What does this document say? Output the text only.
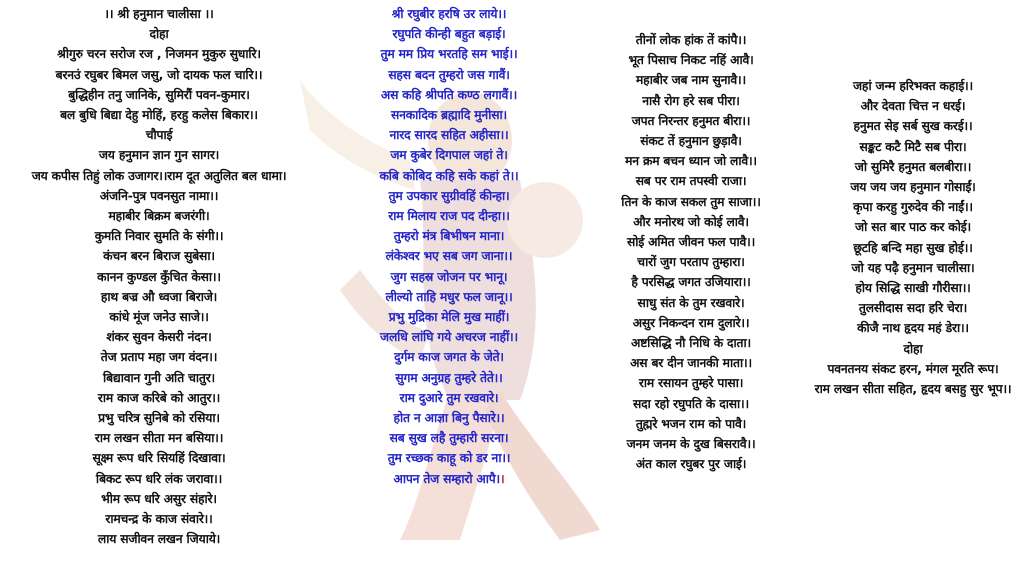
।। श्री हनुमान चालीसा ।।
दोहा
श्रीगुरु चरन सरोज रज , निजमन मुकुरु सुधारि।
बरनउं रघुबर बिमल जसु, जो दायक फल चारि।।
बुद्धिहीन तनु जानिके, सुमिरौं पवन-कुमार।
बल बुधि बिद्या देहु मोहिं, हरहु कलेस बिकार।।
चौपाई
जय हनुमान ज्ञान गुन सागर।
जय कपीस तिहुं लोक उजागर।।राम दूत अतुलित बल धामा।
अंजनि-पुत्र पवनसुत नामा।।
महाबीर बिक्रम बजरंगी।
कुमति निवार सुमति के संगी।।
कंचन बरन बिराज सुबेसा।
कानन कुण्डल कुँचित केसा।।
हाथ बज्र औ ध्वजा बिराजे।
कांधे मूंज जनेउ साजे।।
शंकर सुवन केसरी नंदन।
तेज प्रताप महा जग वंदन।।
बिद्यावान गुनी अति चातुर।
राम काज करिबे को आतुर।।
प्रभु चरित्र सुनिबे को रसिया।
राम लखन सीता मन बसिया।।
सूक्ष्म रूप धरि सियहिं दिखावा।
बिकट रूप धरि लंक जरावा।।
भीम रूप धरि असुर संहारे।
रामचन्द्र के काज संवारे।।
लाय सजीवन लखन जियाये।
श्री रघुबीर हरषि उर लाये।।
रघुपति कीन्ही बहुत बड़ाई।
तुम मम प्रिय भरतहि सम भाई।।
सहस बदन तुम्हरो जस गावैं।
अस कहि श्रीपति कण्ठ लगावैं।।
सनकादिक ब्रह्मादि मुनीसा।
नारद सारद सहित अहीसा।।
जम कुबेर दिगपाल जहां ते।
कबि कोबिद कहि सके कहां ते।।
तुम उपकार सुग्रीवहिं कीन्हा।
राम मिलाय राज पद दीन्हा।।
तुम्हरो मंत्र बिभीषन माना।
लंकेश्वर भए सब जग जाना।।
जुग सहस्र जोजन पर भानू।
लील्यो ताहि मधुर फल जानू।।
प्रभु मुद्रिका मेलि मुख माहीं।
जलधि लांघि गये अचरज नाहीं।।
दुर्गम काज जगत के जेते।
सुगम अनुग्रह तुम्हरे तेते।।
राम दुआरे तुम रखवारे।
होत न आज्ञा बिनु पैसारे।।
सब सुख लहै तुम्हारी सरना।
तुम रच्छक काहू को डर ना।।
आपन तेज सम्हारो आपै।।
तीनों लोक हांक तें कांपै।।
भूत पिसाच निकट नहिं आवै।
महाबीर जब नाम सुनावै।।
नासै रोग हरे सब पीरा।
जपत निरन्तर हनुमत बीरा।।
संकट तें हनुमान छुड़ावै।
मन क्रम बचन ध्यान जो लावै।।
सब पर राम तपस्वी राजा।
तिन के काज सकल तुम साजा।।
और मनोरथ जो कोई लावै।
सोई अमित जीवन फल पावै।।
चारों जुग परताप तुम्हारा।
है परसिद्ध जगत उजियारा।।
साधु संत के तुम रखवारे।
असुर निकन्दन राम दुलारे।।
अष्टसिद्धि नौ निधि के दाता।
अस बर दीन जानकी माता।।
राम रसायन तुम्हरे पासा।
सदा रहो रघुपति के दासा।।
तुह्मरे भजन राम को पावै।
जनम जनम के दुख बिसरावै।।
अंत काल रघुबर पुर जाई।
जहां जन्म हरिभक्त कहाई।।
और देवता चित्त न धरई।
हनुमत सेइ सर्ब सुख करई।।
सङ्कट कटै मिटै सब पीरा।
जो सुमिरै हनुमत बलबीरा।।
जय जय जय हनुमान गोसाईं।
कृपा करहु गुरुदेव की नाईं।।
जो सत बार पाठ कर कोई।
छूटहि बन्दि महा सुख होई।।
जो यह पढ़ै हनुमान चालीसा।
होय सिद्धि साखी गौरीसा।।
तुलसीदास सदा हरि चेरा।
कीजै नाथ हृदय महं डेरा।।
दोहा
पवनतनय संकट हरन, मंगल मूरति रूप।
राम लखन सीता सहित, हृदय बसहु सुर भूप।।
